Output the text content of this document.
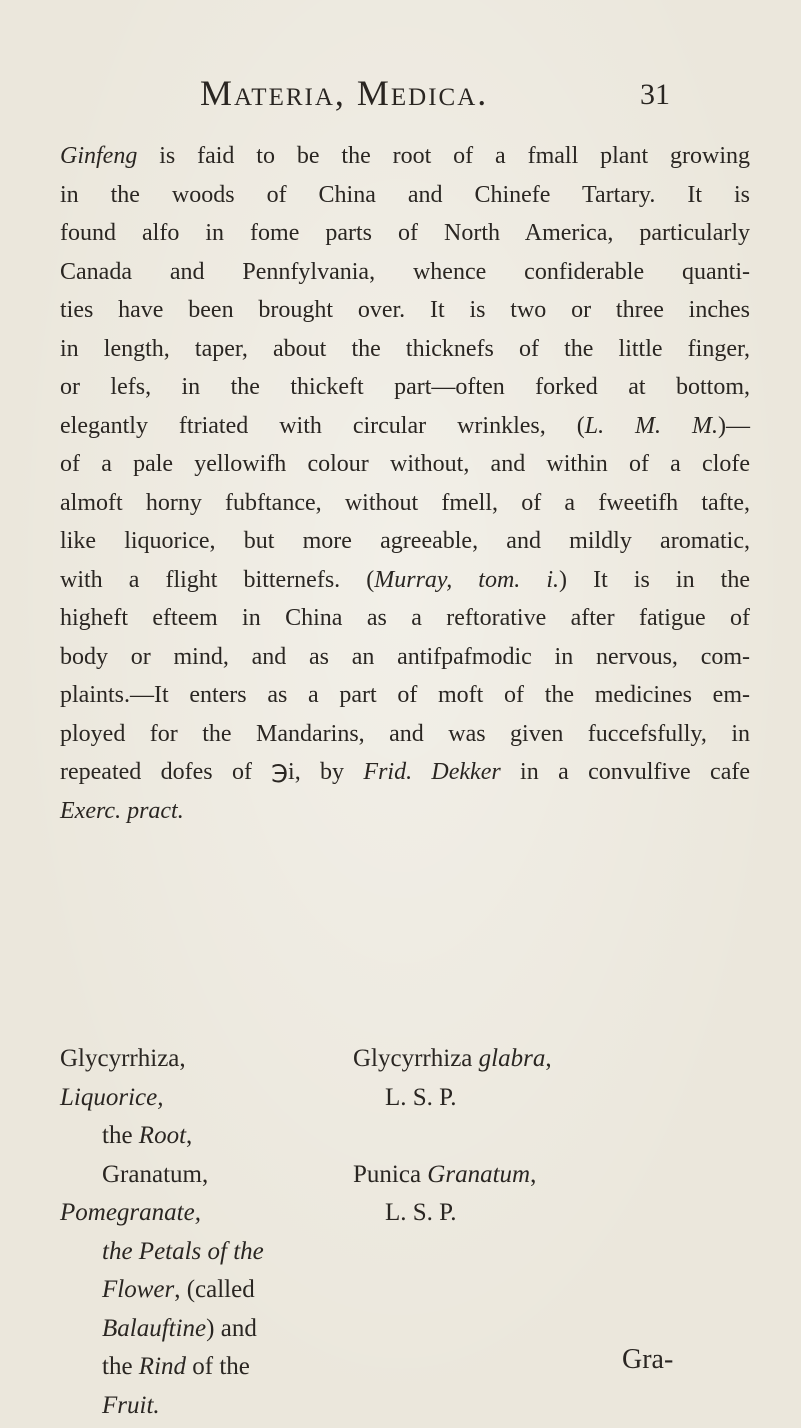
Materia, Medica.	31
Ginfeng is faid to be the root of a fmall plant growing
in the woods of China and Chinefe Tartary. It is
found alfo in fome parts of North America, particularly
Canada and Pennfylvania, whence confiderable quanti-
ties have been brought over. It is two or three inches
in length, taper, about the thicknefs of the little finger,
or lefs, in the thickeft part—often forked at bottom,
elegantly ftriated with circular wrinkles, (L. M. M.)—
of a pale yellowifh colour without, and within of a clofe
almoft horny fubftance, without fmell, of a fweetifh tafte,
like liquorice, but more agreeable, and mildly aromatic,
with a flight bitternefs. (Murray, tom. i.) It is in the
higheft efteem in China as a reftorative after fatigue of
body or mind, and as an antifpafmodic in nervous, com-
plaints.—It enters as a part of moft of the medicines em-
ployed for the Mandarins, and was given fuccefsfully, in
repeated dofes of ℈i, by Frid. Dekker in a convulfive cafe
Exerc. pract.
Glycyrrhiza,	Glycyrrhiza glabra,
Liquorice,	L. S. P.
the Root,
Granatum,	Punica Granatum,
Pomegranate,	L. S. P.
the Petals of the
Flower, (called
Balauftine) and
the Rind of the
Fruit.
Gra-
